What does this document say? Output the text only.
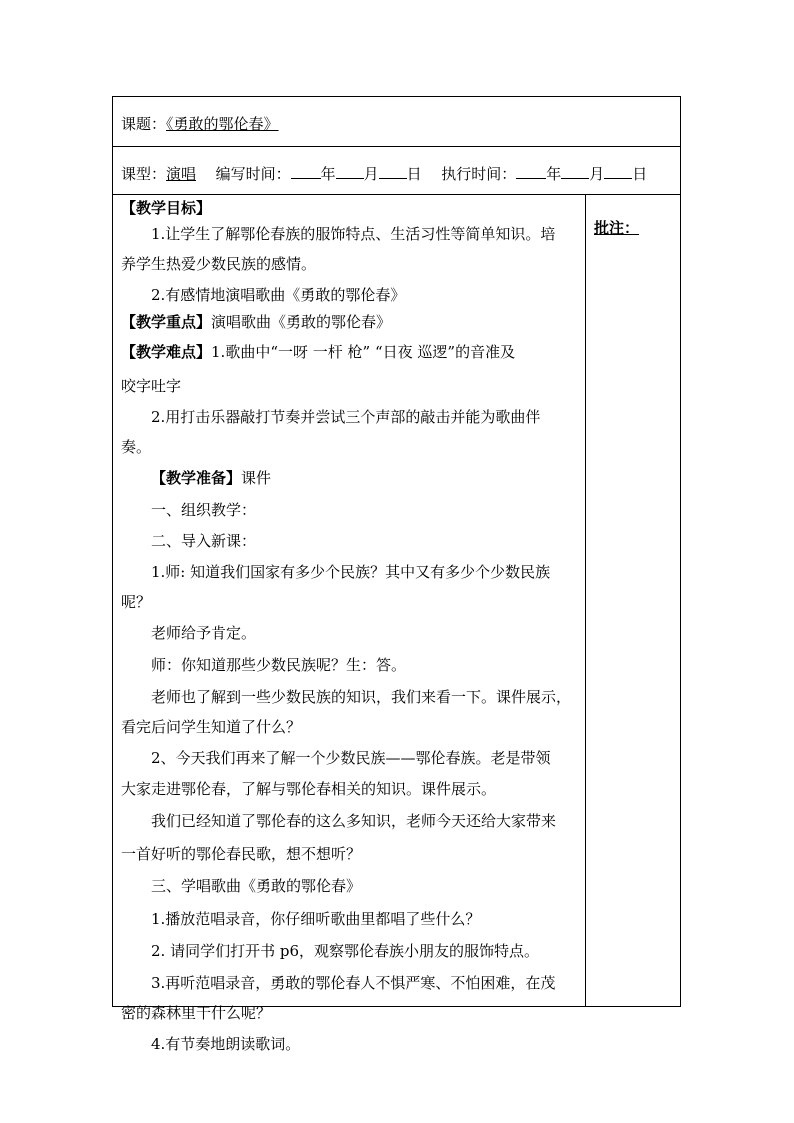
课题：《勇敢的鄂伦春》
课型：演唱 编写时间： 年 月 日 执行时间： 年 月 日

【教学目标】

1.让学生了解鄂伦春族的服饰特点、生活习性等简单知识。培

养学生热爱少数民族的感情。

2.有感情地演唱歌曲《勇敢的鄂伦春》

【教学重点】演唱歌曲《勇敢的鄂伦春》

【教学难点】1.歌曲中“一呀 一杆 枪” “日夜 巡逻”的音准及

咬字吐字

2.用打击乐器敲打节奏并尝试三个声部的敲击并能为歌曲伴

奏。

【教学准备】课件

一、组织教学：

二、导入新课：

1.师: 知道我们国家有多少个民族？其中又有多少个少数民族

呢？

老师给予肯定。

师：你知道那些少数民族呢？生：答。

老师也了解到一些少数民族的知识，我们来看一下。课件展示，

看完后问学生知道了什么？

2、今天我们再来了解一个少数民族——鄂伦春族。老是带领

大家走进鄂伦春，了解与鄂伦春相关的知识。课件展示。

我们已经知道了鄂伦春的这么多知识，老师今天还给大家带来

一首好听的鄂伦春民歌，想不想听？

三、学唱歌曲《勇敢的鄂伦春》

1.播放范唱录音，你仔细听歌曲里都唱了些什么？

2. 请同学们打开书 p6，观察鄂伦春族小朋友的服饰特点。

3.再听范唱录音，勇敢的鄂伦春人不惧严寒、不怕困难，在茂

密的森林里干什么呢？

4.有节奏地朗读歌词。

批注：
